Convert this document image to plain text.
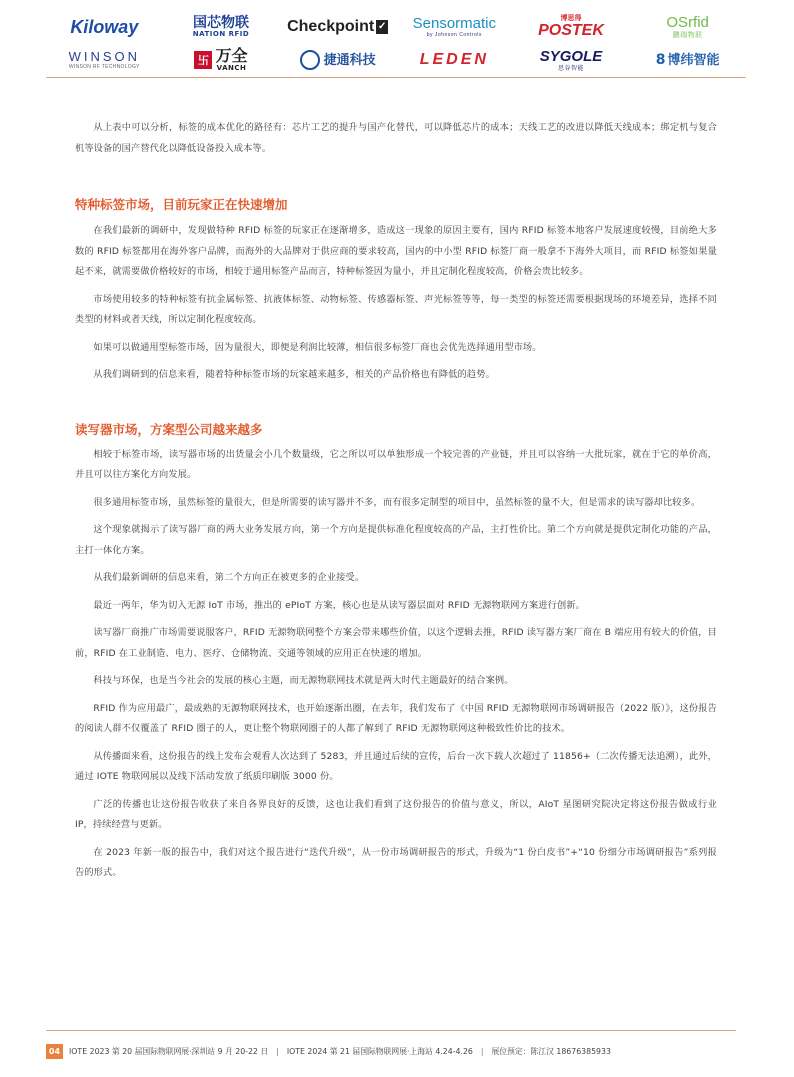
Kiloway	国芯物联
NATION RFID Checkpoint ✓ Sensormatic
by Johnson Controls
博思得
POSTEK	OSrfid
鹏瑞物联
WINSON
WINSON RF TECHNOLOGY
卐 万全
VANCH
捷通科技	LEDEN	SYGOLE
思谷智能
8 博纬智能

从上表中可以分析，标签的成本优化的路径有：芯片工艺的提升与国产化替代，可以降低芯片的成本；天线工艺的改进以降低天线成本；绑定机与复合机等设备的国产替代化以降低设备投入成本等。

特种标签市场，目前玩家正在快速增加

在我们最新的调研中，发现做特种 RFID 标签的玩家正在逐渐增多，造成这一现象的原因主要有，国内 RFID 标签本地客户发展速度较慢，目前绝大多数的 RFID 标签都用在海外客户品牌，而海外的大品牌对于供应商的要求较高，国内的中小型 RFID 标签厂商一般拿不下海外大项目，而 RFID 标签如果量起不来，就需要做价格较好的市场，相较于通用标签产品而言，特种标签因为量小，并且定制化程度较高，价格会贵比较多。

市场使用较多的特种标签有抗金属标签、抗液体标签、动物标签、传感器标签、声光标签等等，每一类型的标签还需要根据现场的环境差异，选择不同类型的材料或者天线，所以定制化程度较高。

如果可以做通用型标签市场，因为量很大，即便是利润比较薄，相信很多标签厂商也会优先选择通用型市场。

从我们调研到的信息来看，随着特种标签市场的玩家越来越多，相关的产品价格也有降低的趋势。

读写器市场，方案型公司越来越多

相较于标签市场，读写器市场的出货量会小几个数量级，它之所以可以单独形成一个较完善的产业链，并且可以容纳一大批玩家，就在于它的单价高，并且可以往方案化方向发展。

很多通用标签市场，虽然标签的量很大，但是所需要的读写器并不多，而有很多定制型的项目中，虽然标签的量不大，但是需求的读写器却比较多。

这个现象就揭示了读写器厂商的两大业务发展方向，第一个方向是提供标准化程度较高的产品，主打性价比。第二个方向就是提供定制化功能的产品，主打一体化方案。

从我们最新调研的信息来看，第二个方向正在被更多的企业接受。

最近一两年，华为切入无源 IoT 市场，推出的 ePIoT 方案，核心也是从读写器层面对 RFID 无源物联网方案进行创新。

读写器厂商推广市场需要说服客户，RFID 无源物联网整个方案会带来哪些价值，以这个逻辑去推，RFID 读写器方案厂商在 B 端应用有较大的价值，目前，RFID 在工业制造、电力、医疗、仓储物流、交通等领域的应用正在快速的增加。

科技与环保，也是当今社会的发展的核心主题，而无源物联网技术就是两大时代主题最好的结合案例。

RFID 作为应用最广，最成熟的无源物联网技术，也开始逐渐出圈，在去年，我们发布了《中国 RFID 无源物联网市场调研报告（2022 版）》，这份报告的阅读人群不仅覆盖了 RFID 圈子的人，更让整个物联网圈子的人都了解到了 RFID 无源物联网这种极致性价比的技术。

从传播面来看，这份报告的线上发布会观看人次达到了 5283，并且通过后续的宣传，后台一次下载人次超过了 11856+（二次传播无法追溯），此外，通过 IOTE 物联网展以及线下活动发放了纸质印刷版 3000 份。

广泛的传播也让这份报告收获了来自各界良好的反馈，这也让我们看到了这份报告的价值与意义，所以，AIoT 星图研究院决定将这份报告做成行业 IP，持续经营与更新。

在 2023 年新一版的报告中，我们对这个报告进行“迭代升级”，从一份市场调研报告的形式，升级为“1 份白皮书”+“10 份细分市场调研报告”系列报告的形式。

04	IOTE 2023 第 20 届国际物联网展·深圳站 9 月 20-22 日 | IOTE 2024 第 21 届国际物联网展·上海站 4.24-4.26 | 展位预定：陈江汉 18676385933
